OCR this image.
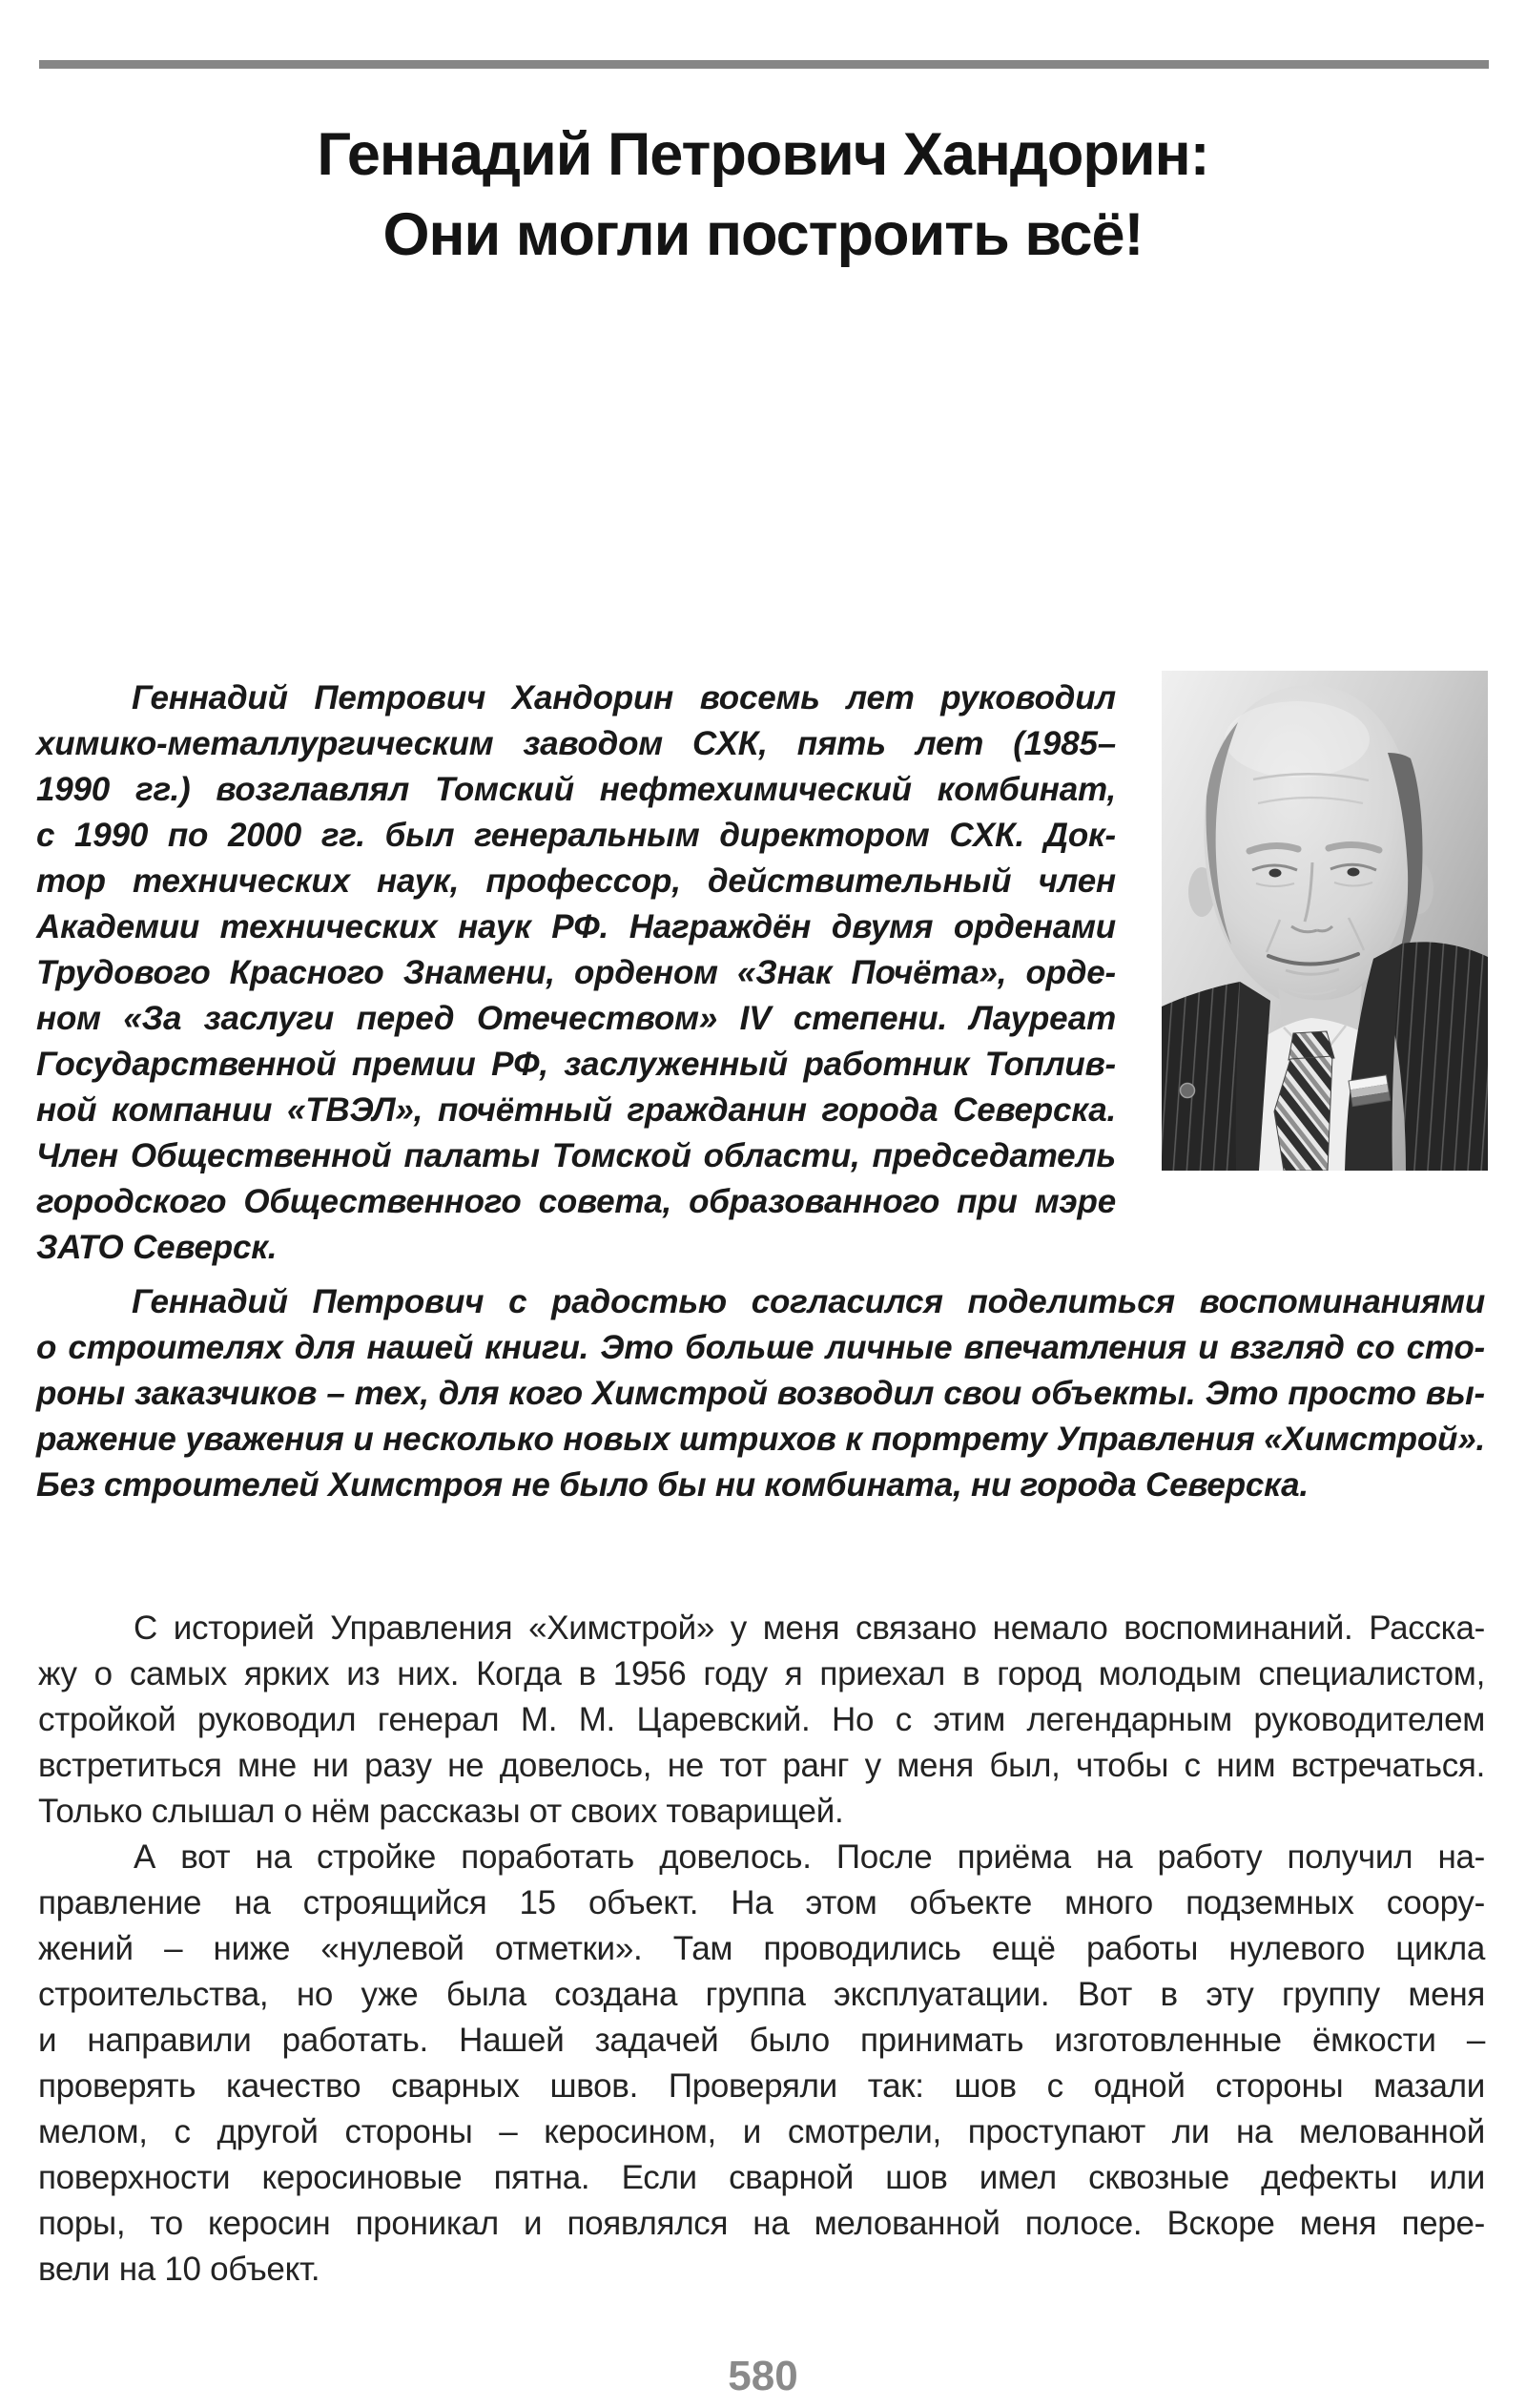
Геннадий Петрович Хандорин:
Они могли построить всё!
Геннадий Петрович Хандорин восемь лет руководил
химико-металлургическим заводом СХК, пять лет (1985–
1990 гг.) возглавлял Томский нефтехимический комбинат,
с 1990 по 2000 гг. был генеральным директором СХК. Док-
тор технических наук, профессор, действительный член
Академии технических наук РФ. Награждён двумя орденами
Трудового Красного Знамени, орденом «Знак Почёта», орде-
ном «За заслуги перед Отечеством» IV степени. Лауреат
Государственной премии РФ, заслуженный работник Топлив-
ной компании «ТВЭЛ», почётный гражданин города Северска.
Член Общественной палаты Томской области, председатель
городского Общественного совета, образованного при мэре
ЗАТО Северск.
Геннадий Петрович с радостью согласился поделиться воспоминаниями
о строителях для нашей книги. Это больше личные впечатления и взгляд со сто-
роны заказчиков – тех, для кого Химстрой возводил свои объекты. Это просто вы-
ражение уважения и несколько новых штрихов к портрету Управления «Химстрой».
Без строителей Химстроя не было бы ни комбината, ни города Северска.
С историей Управления «Химстрой» у меня связано немало воспоминаний. Расска-
жу о самых ярких из них. Когда в 1956 году я приехал в город молодым специалистом,
стройкой руководил генерал М. М. Царевский. Но с этим легендарным руководителем
встретиться мне ни разу не довелось, не тот ранг у меня был, чтобы с ним встречаться.
Только слышал о нём рассказы от своих товарищей.
А вот на стройке поработать довелось. После приёма на работу получил на-
правление на строящийся 15 объект. На этом объекте много подземных соору-
жений – ниже «нулевой отметки». Там проводились ещё работы нулевого цикла
строительства, но уже была создана группа эксплуатации. Вот в эту группу меня
и направили работать. Нашей задачей было принимать изготовленные ёмкости –
проверять качество сварных швов. Проверяли так: шов с одной стороны мазали
мелом, с другой стороны – керосином, и смотрели, проступают ли на мелованной
поверхности керосиновые пятна. Если сварной шов имел сквозные дефекты или
поры, то керосин проникал и появлялся на мелованной полосе. Вскоре меня пере-
вели на 10 объект.
580
